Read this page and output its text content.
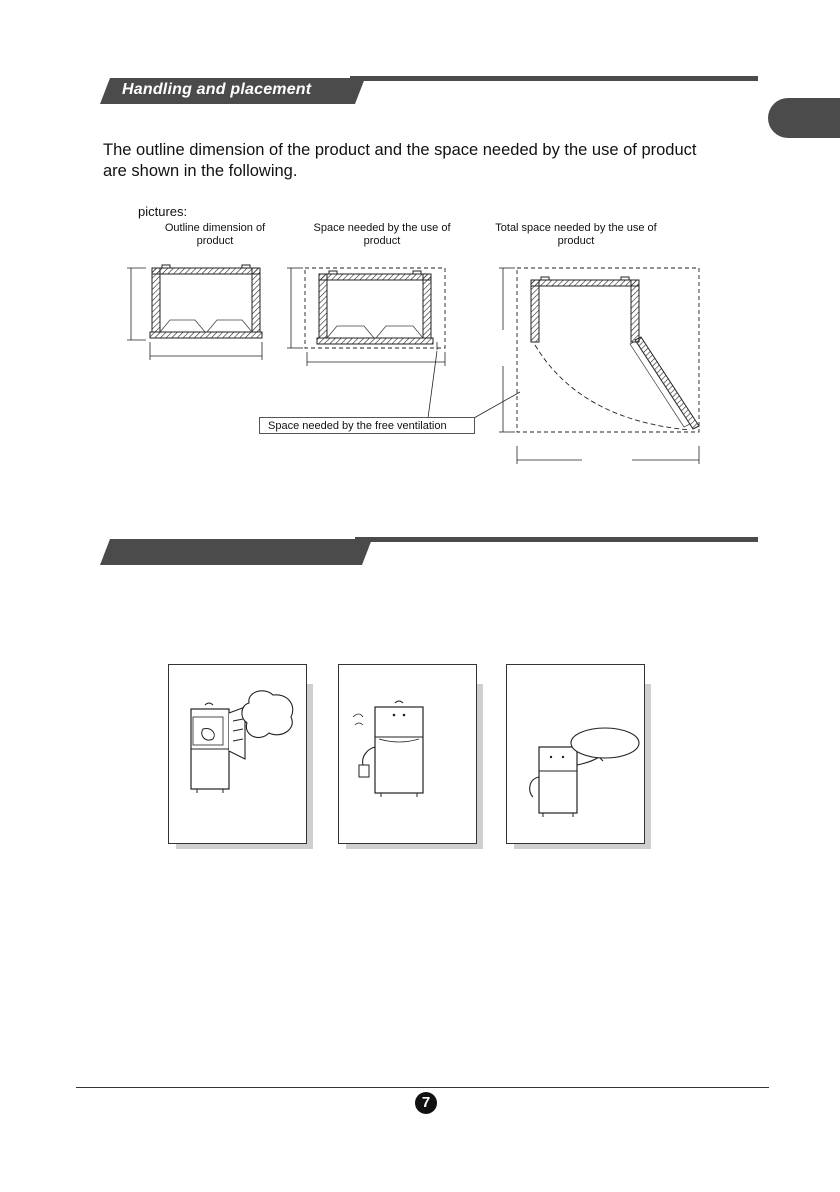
Handling and placement
The outline dimension of the product and the space needed by the use of product are shown in the following.
pictures:
Outline dimension of product
Space needed by the use of product
Total space needed by the use of product
Space needed by the free ventilation
7
